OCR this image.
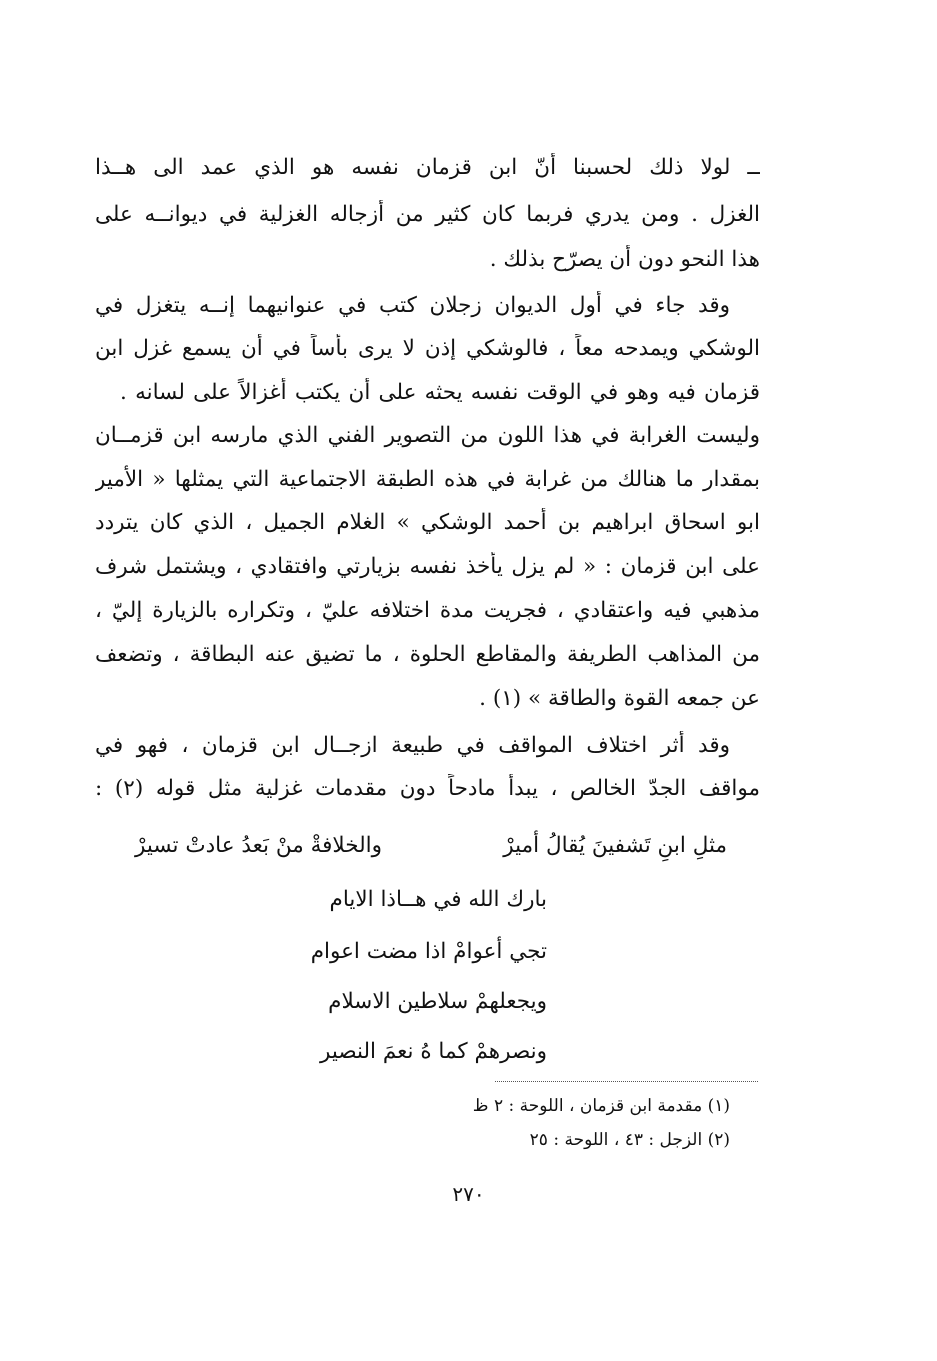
ــ لولا ذلك لحسبنا أنّ ابن قزمان نفسه هو الذي عمد الى هــذا
الغزل . ومن يدري فربما كان كثير من أزجاله الغزلية في ديوانــه على
هذا النحو دون أن يصرّح بذلك .
وقد جاء في أول الديوان زجلان كتب في عنوانيهما إنــه يتغزل في
الوشكي ويمدحه معاً ، فالوشكي إذن لا يرى بأساً في أن يسمع غزل ابن
قزمان فيه وهو في الوقت نفسه يحثه على أن يكتب أغزالاً على لسانه .
وليست الغرابة في هذا اللون من التصوير الفني الذي مارسه ابن قزمــان
بمقدار ما هنالك من غرابة في هذه الطبقة الاجتماعية التي يمثلها « الأمير
ابو اسحاق ابراهيم بن أحمد الوشكي » الغلام الجميل ، الذي كان يتردد
على ابن قزمان : « لم يزل يأخذ نفسه بزيارتي وافتقادي ، ويشتمل شرف
مذهبي فيه واعتقادي ، فجريت مدة اختلافه عليّ ، وتكراره بالزيارة إليّ ،
من المذاهب الطريفة والمقاطع الحلوة ، ما تضيق عنه البطاقة ، وتضعف
عن جمعه القوة والطاقة » (١) .
وقد أثر اختلاف المواقف في طبيعة ازجــال ابن قزمان ، فهو في
مواقف الجدّ الخالص ، يبدأ مادحاً دون مقدمات غزلية مثل قوله (٢) :
مثلِ ابنِ تَشفينَ يُقالُ أميرْ
والخلافةْ منْ بَعدُ عادتْ تسيرْ
بارك الله في هــاذا الايام
تجي أعوامْ اذا مضت اعوام
ويجعلهمْ سلاطين الاسلام
ونصرهمْ كما هُ نعمَ النصير
(١) مقدمة ابن قزمان ، اللوحة : ٢ ظ
(٢) الزجل : ٤٣ ، اللوحة : ٢٥
٢٧٠
